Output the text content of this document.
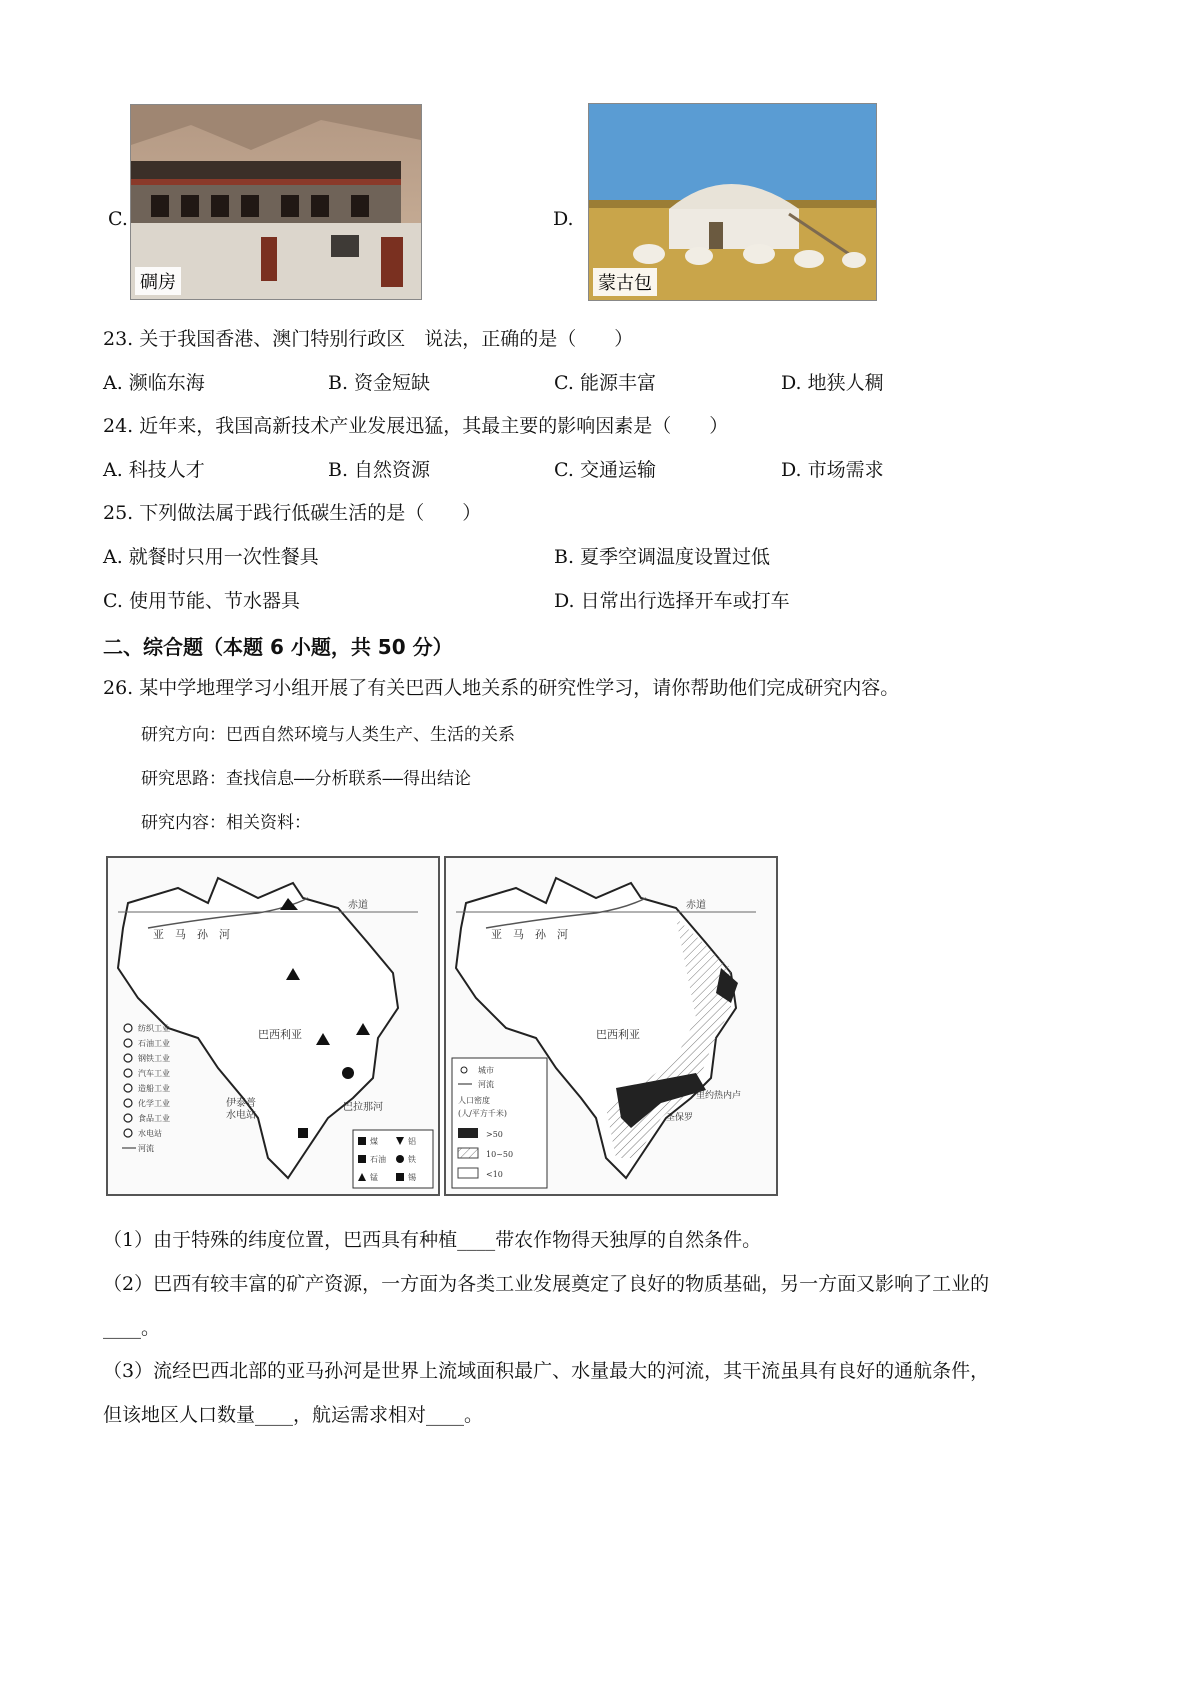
C.
碉房
D.
蒙古包
23. 关于我国香港、澳门特别行政区　说法，正确的是（　　）
A. 濒临东海	B. 资金短缺	C. 能源丰富	D. 地狭人稠
24. 近年来，我国高新技术产业发展迅猛，其最主要的影响因素是（　　）
A. 科技人才	B. 自然资源	C. 交通运输	D. 市场需求
25. 下列做法属于践行低碳生活的是（　　）
A. 就餐时只用一次性餐具	B. 夏季空调温度设置过低
C. 使用节能、节水器具	D. 日常出行选择开车或打车
二、综合题（本题 6 小题，共 50 分）
26. 某中学地理学习小组开展了有关巴西人地关系的研究性学习，请你帮助他们完成研究内容。
研究方向：巴西自然环境与人类生产、生活的关系
研究思路：查找信息——分析联系——得出结论
研究内容：相关资料：
赤道
亚　马　孙　河
巴西利亚
伊泰普
水电站
巴拉那河
纺织工业
石油工业
钢铁工业
汽车工业
造船工业
化学工业
食品工业
水电站
河流
煤	铝
石油	铁
锰	锡
赤道
亚　马　孙　河
巴西利亚
里约热内卢
圣保罗
城市
河流
人口密度
(人/平方千米)
>50
10~50
<10
（1）由于特殊的纬度位置，巴西具有种植____带农作物得天独厚的自然条件。
（2）巴西有较丰富的矿产资源，一方面为各类工业发展奠定了良好的物质基础，另一方面又影响了工业的
____。
（3）流经巴西北部的亚马孙河是世界上流域面积最广、水量最大的河流，其干流虽具有良好的通航条件，
但该地区人口数量____，航运需求相对____。
